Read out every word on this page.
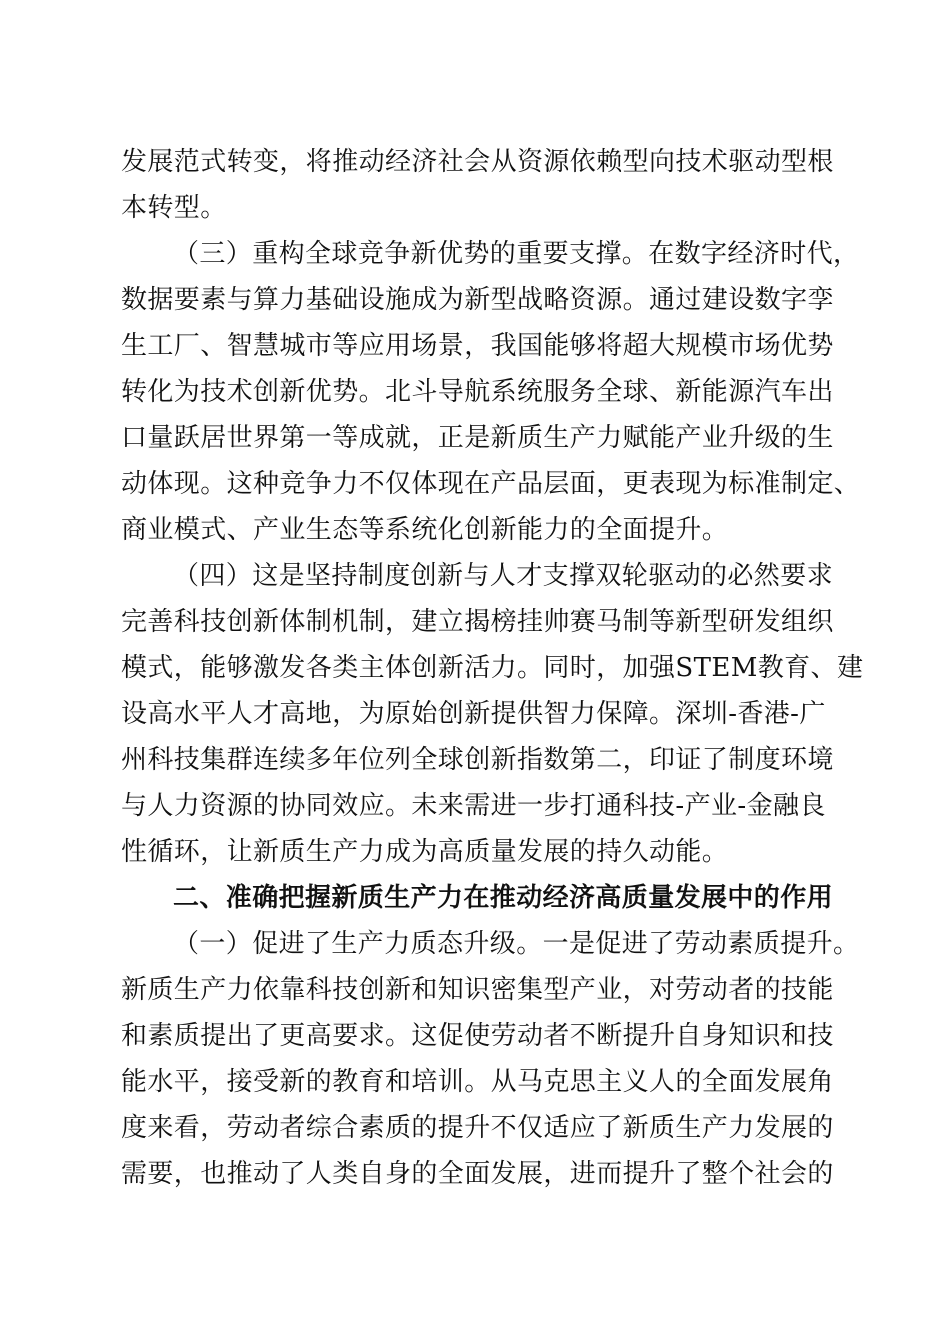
发展范式转变，将推动经济社会从资源依赖型向技术驱动型根
本转型。
（三）重构全球竞争新优势的重要支撑。在数字经济时代，
数据要素与算力基础设施成为新型战略资源。通过建设数字孪
生工厂、智慧城市等应用场景，我国能够将超大规模市场优势
转化为技术创新优势。北斗导航系统服务全球、新能源汽车出
口量跃居世界第一等成就，正是新质生产力赋能产业升级的生
动体现。这种竞争力不仅体现在产品层面，更表现为标准制定、
商业模式、产业生态等系统化创新能力的全面提升。
（四）这是坚持制度创新与人才支撑双轮驱动的必然要求
完善科技创新体制机制，建立揭榜挂帅赛马制等新型研发组织
模式，能够激发各类主体创新活力。同时，加强STEM教育、建
设高水平人才高地，为原始创新提供智力保障。深圳-香港-广
州科技集群连续多年位列全球创新指数第二，印证了制度环境
与人力资源的协同效应。未来需进一步打通科技-产业-金融良
性循环，让新质生产力成为高质量发展的持久动能。
二、准确把握新质生产力在推动经济高质量发展中的作用
（一）促进了生产力质态升级。一是促进了劳动素质提升。
新质生产力依靠科技创新和知识密集型产业，对劳动者的技能
和素质提出了更高要求。这促使劳动者不断提升自身知识和技
能水平，接受新的教育和培训。从马克思主义人的全面发展角
度来看，劳动者综合素质的提升不仅适应了新质生产力发展的
需要，也推动了人类自身的全面发展，进而提升了整个社会的
